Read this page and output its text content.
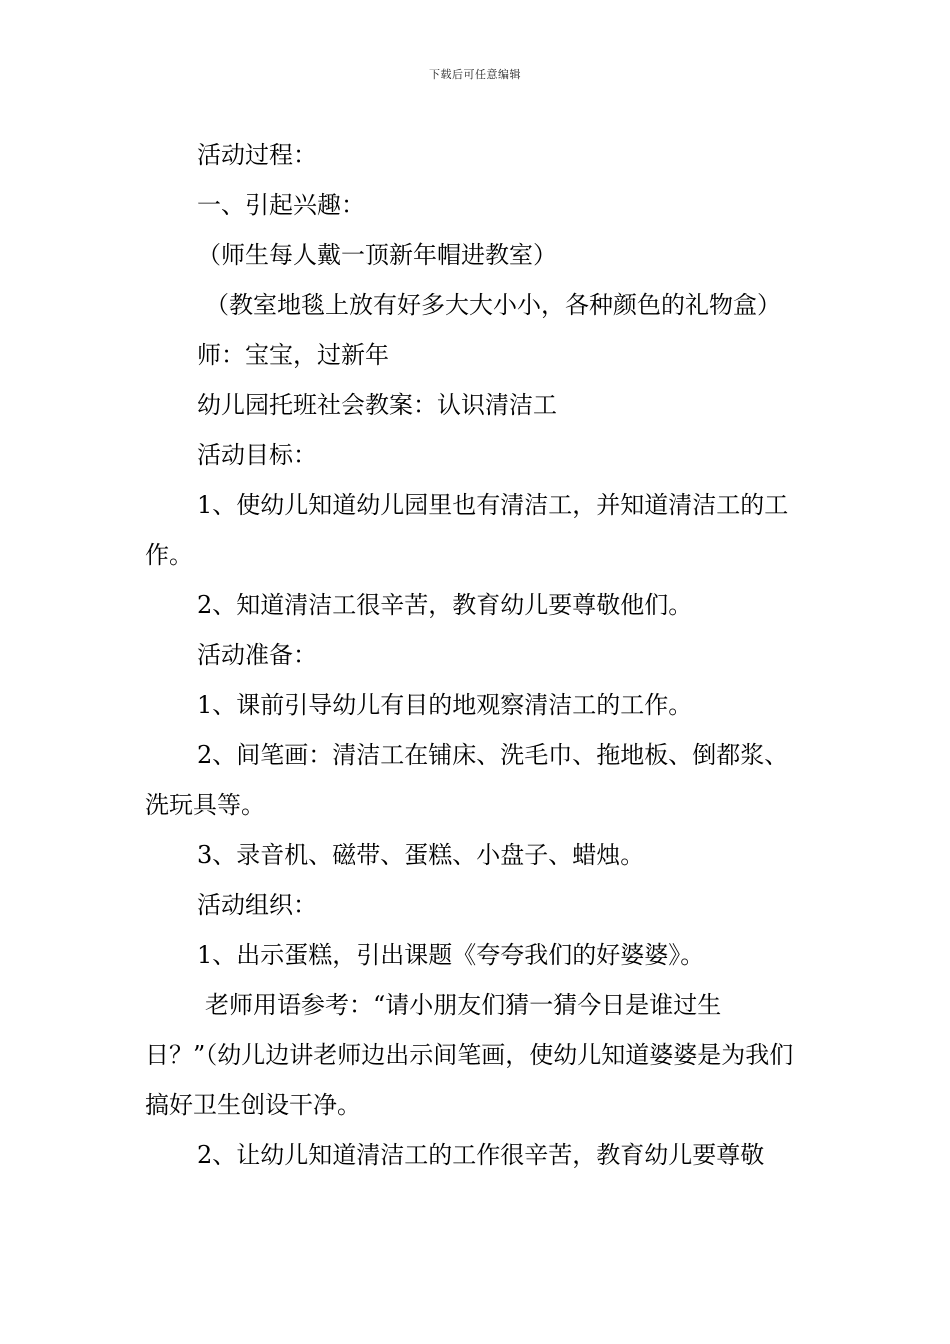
下载后可任意编辑

活动过程：

一、引起兴趣：

（师生每人戴一顶新年帽进教室）

（教室地毯上放有好多大大小小，各种颜色的礼物盒）

师：宝宝，过新年

幼儿园托班社会教案：认识清洁工

活动目标：

1、使幼儿知道幼儿园里也有清洁工，并知道清洁工的工作。

2、知道清洁工很辛苦，教育幼儿要尊敬他们。

活动准备：

1、课前引导幼儿有目的地观察清洁工的工作。

2、间笔画：清洁工在铺床、洗毛巾、拖地板、倒都浆、洗玩具等。

3、录音机、磁带、蛋糕、小盘子、蜡烛。

活动组织：

1、出示蛋糕，引出课题《夸夸我们的好婆婆》。

老师用语参考：“请小朋友们猜一猜今日是谁过生日？”（幼儿边讲老师边出示间笔画，使幼儿知道婆婆是为我们搞好卫生创设干净。

2、让幼儿知道清洁工的工作很辛苦，教育幼儿要尊敬
